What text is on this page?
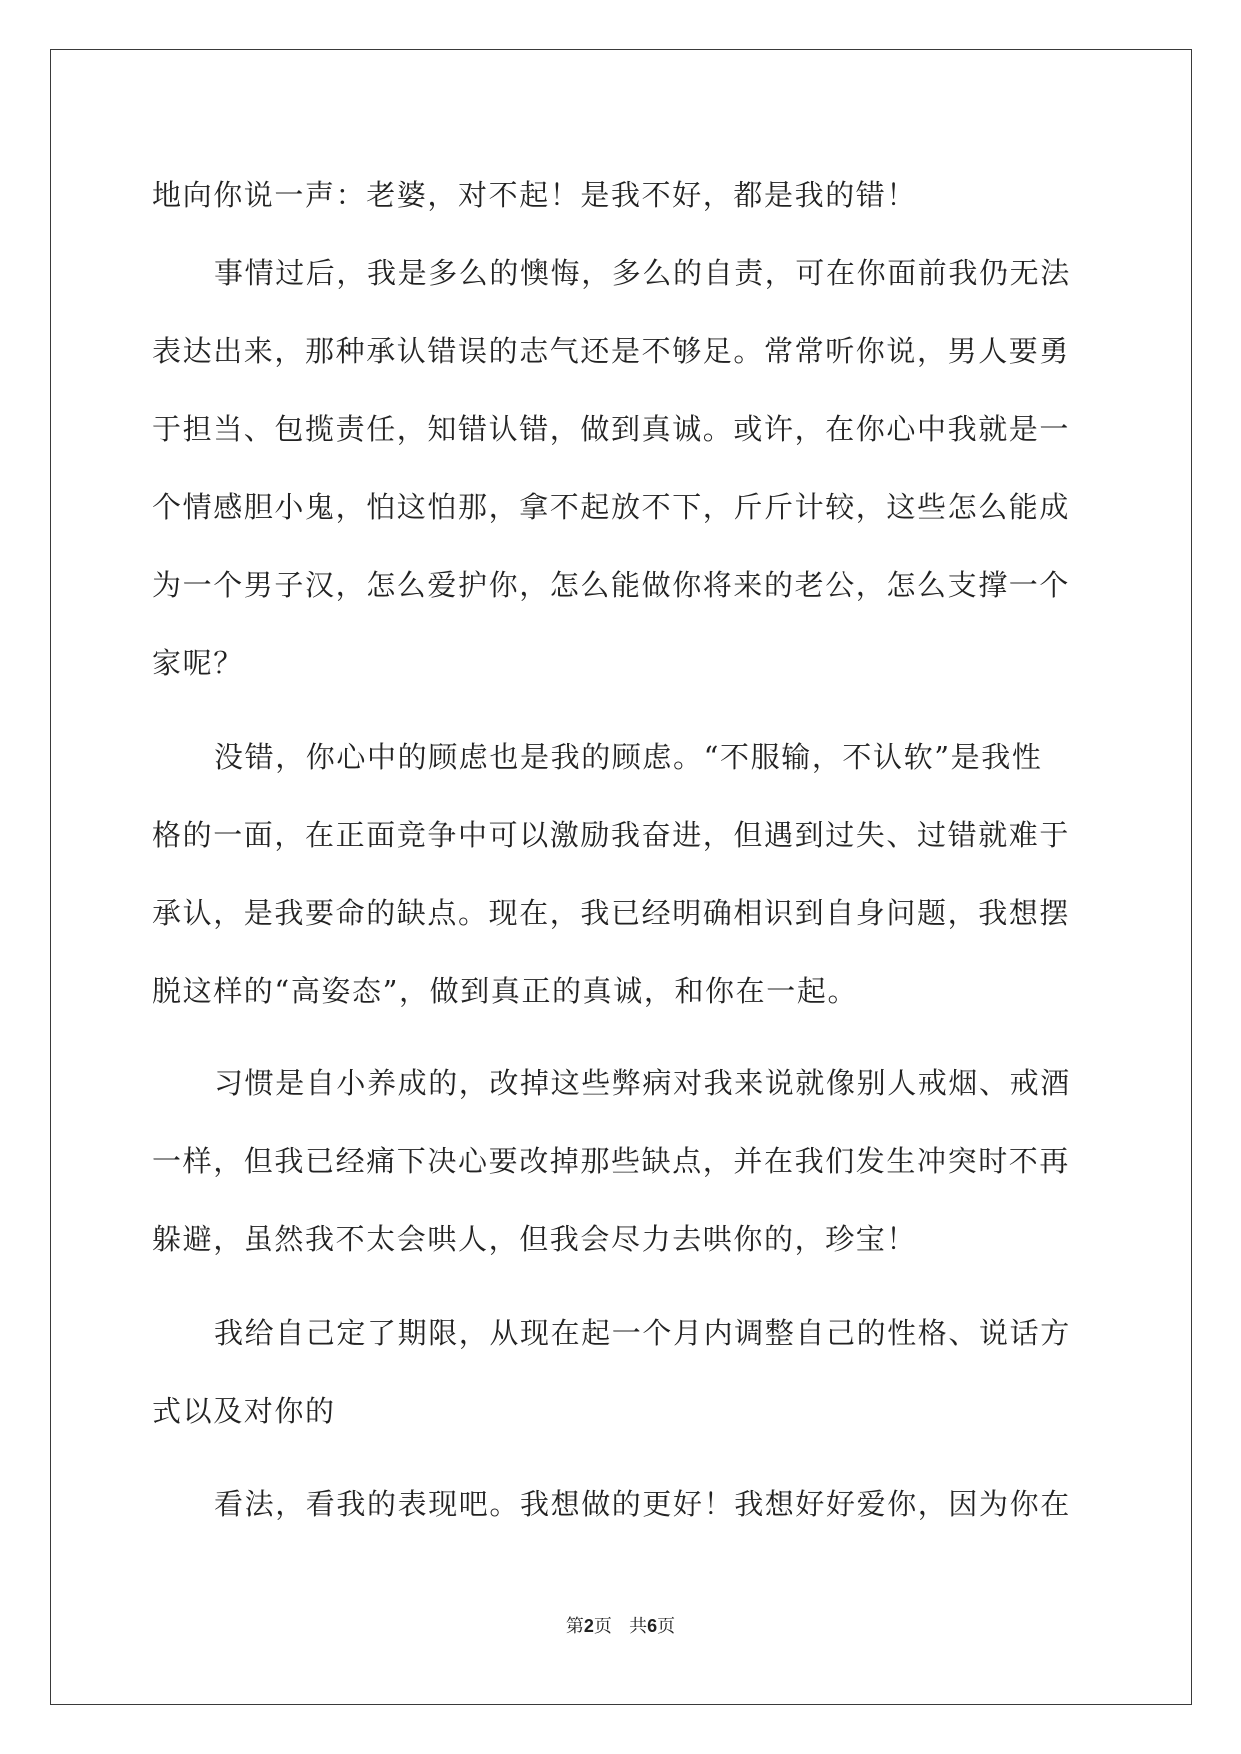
地向你说一声：老婆，对不起！是我不好，都是我的错！

事情过后，我是多么的懊悔，多么的自责，可在你面前我仍无法

表达出来，那种承认错误的志气还是不够足。常常听你说，男人要勇

于担当、包揽责任，知错认错，做到真诚。或许，在你心中我就是一

个情感胆小鬼，怕这怕那，拿不起放不下，斤斤计较，这些怎么能成

为一个男子汉，怎么爱护你，怎么能做你将来的老公，怎么支撑一个

家呢？

没错，你心中的顾虑也是我的顾虑。“不服输，不认软”是我性

格的一面，在正面竞争中可以激励我奋进，但遇到过失、过错就难于

承认，是我要命的缺点。现在，我已经明确相识到自身问题，我想摆

脱这样的“高姿态”，做到真正的真诚，和你在一起。

习惯是自小养成的，改掉这些弊病对我来说就像别人戒烟、戒酒

一样，但我已经痛下决心要改掉那些缺点，并在我们发生冲突时不再

躲避，虽然我不太会哄人，但我会尽力去哄你的，珍宝！

我给自己定了期限，从现在起一个月内调整自己的性格、说话方

式以及对你的

看法，看我的表现吧。我想做的更好！我想好好爱你，因为你在

第2页 共6页
